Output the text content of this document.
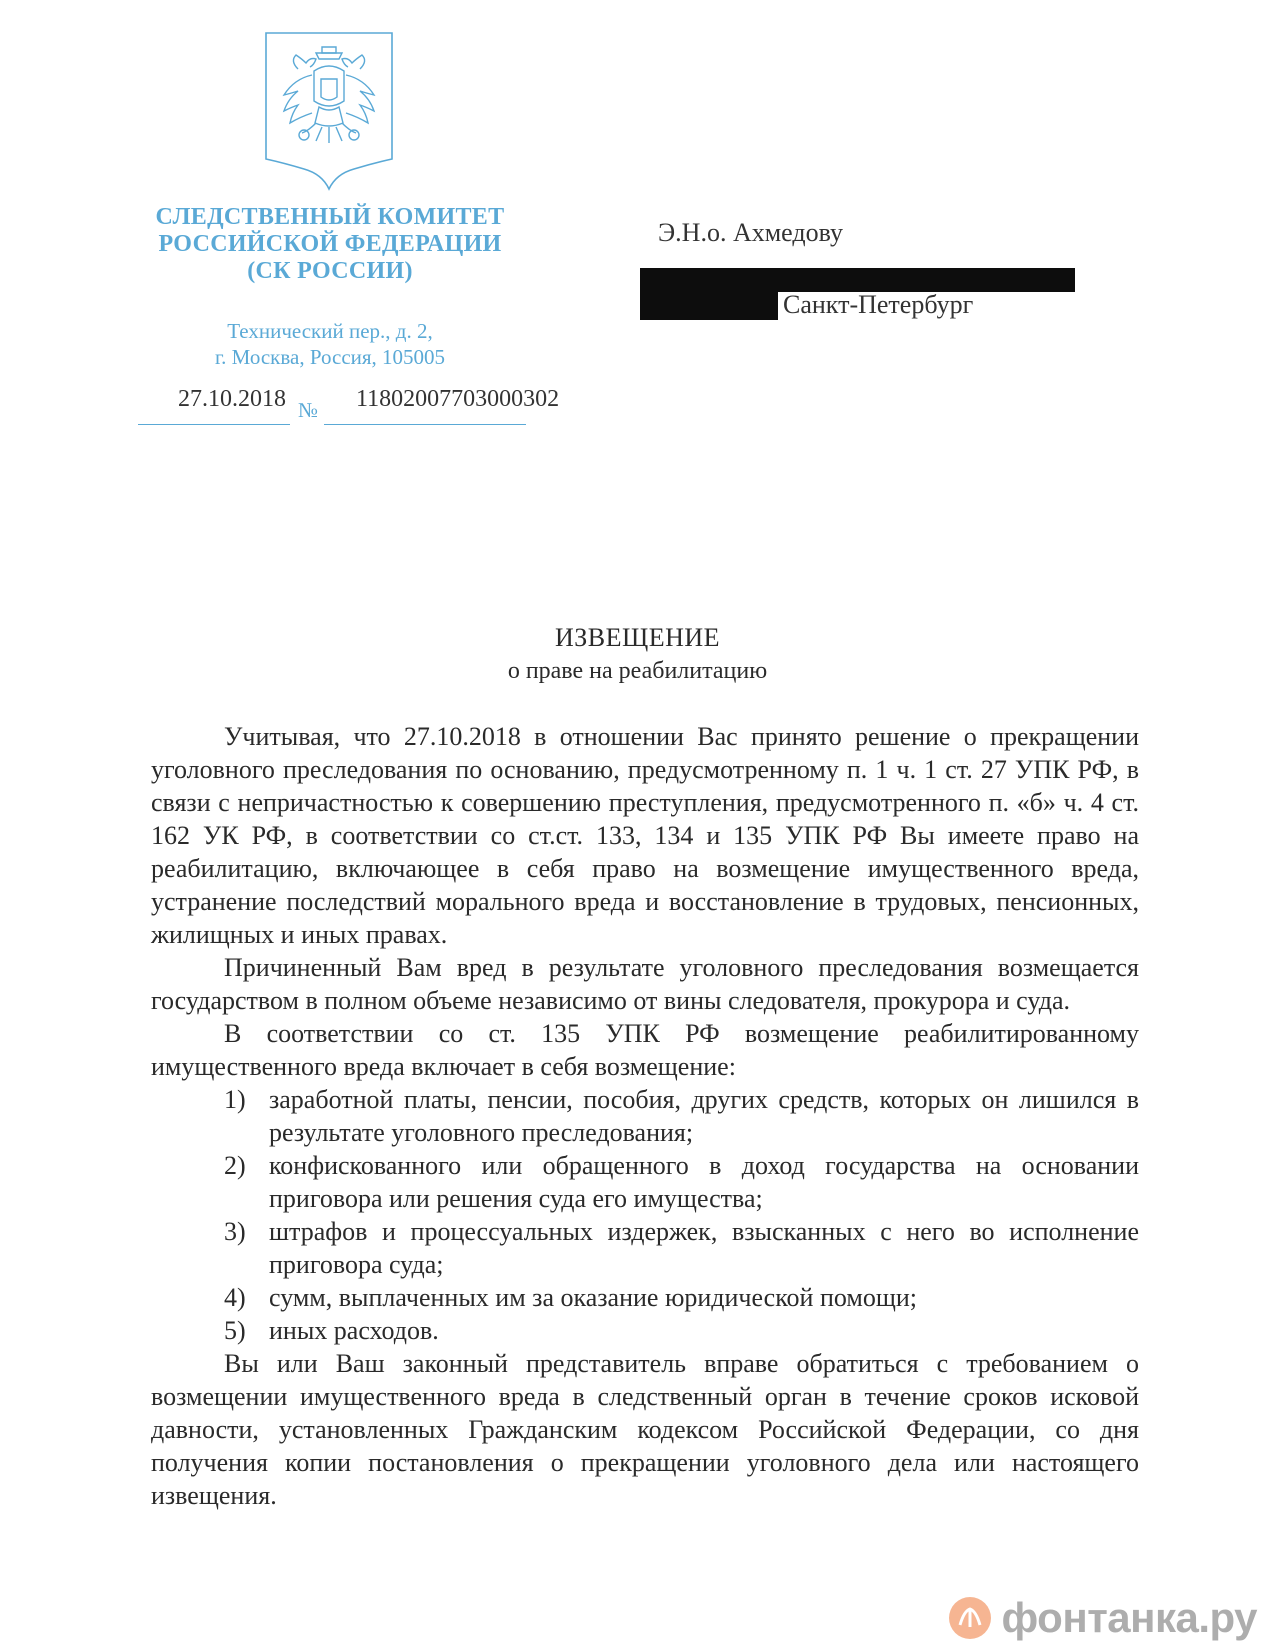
СЛЕДСТВЕННЫЙ КОМИТЕТ
РОССИЙСКОЙ ФЕДЕРАЦИИ
(СК РОССИИ)
Технический пер., д. 2,
г. Москва, Россия, 105005
27.10.2018 № 11802007703000302
Э.Н.о. Ахмедову
Санкт-Петербург
ИЗВЕЩЕНИЕ
о праве на реабилитацию

Учитывая, что 27.10.2018 в отношении Вас принято решение о прекращении уголовного преследования по основанию, предусмотренному п. 1 ч. 1 ст. 27 УПК РФ, в связи с непричастностью к совершению преступления, предусмотренного п. «б» ч. 4 ст. 162 УК РФ, в соответствии со ст.ст. 133, 134 и 135 УПК РФ Вы имеете право на реабилитацию, включающее в себя право на возмещение имущественного вреда, устранение последствий морального вреда и восстановление в трудовых, пенсионных, жилищных и иных правах.

Причиненный Вам вред в результате уголовного преследования возмещается государством в полном объеме независимо от вины следователя, прокурора и суда.

В соответствии со ст. 135 УПК РФ возмещение реабилитированному имущественного вреда включает в себя возмещение:

1) заработной платы, пенсии, пособия, других средств, которых он лишился в результате уголовного преследования;
2) конфискованного или обращенного в доход государства на основании приговора или решения суда его имущества;
3) штрафов и процессуальных издержек, взысканных с него во исполнение приговора суда;
4) сумм, выплаченных им за оказание юридической помощи;
5) иных расходов.

Вы или Ваш законный представитель вправе обратиться с требованием о возмещении имущественного вреда в следственный орган в течение сроков исковой давности, установленных Гражданским кодексом Российской Федерации, со дня получения копии постановления о прекращении уголовного дела или настоящего извещения.

фонтанка.ру
